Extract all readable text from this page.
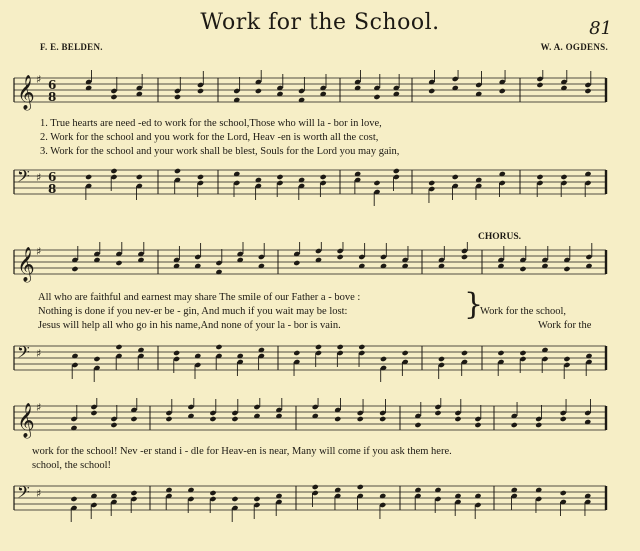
Work for the School.	81
F. E. BELDEN.	W. A. OGDENS.
𝄞 ♯ 6
8
1. True hearts are need -ed to work for the school,Those who will la - bor in love,
2. Work for the school and you work for the Lord, Heav -en is worth all the cost,
3. Work for the school and your work shall be blest, Souls for the Lord you may gain,
𝄢 ♯ 6
8
CHORUS.
𝄞 ♯
All who are faithful and earnest may share The smile of our Father a - bove :
Nothing is done if you nev-er be - gin, And much if you wait may be lost:
Jesus will help all who go in his name,And none of your la - bor is vain.
}
Work for the school,
Work for the
𝄢 ♯
𝄞 ♯
work for the school! Nev -er stand i - dle for Heav-en is near, Many will come if you ask them here.
school, the school!
𝄢 ♯
